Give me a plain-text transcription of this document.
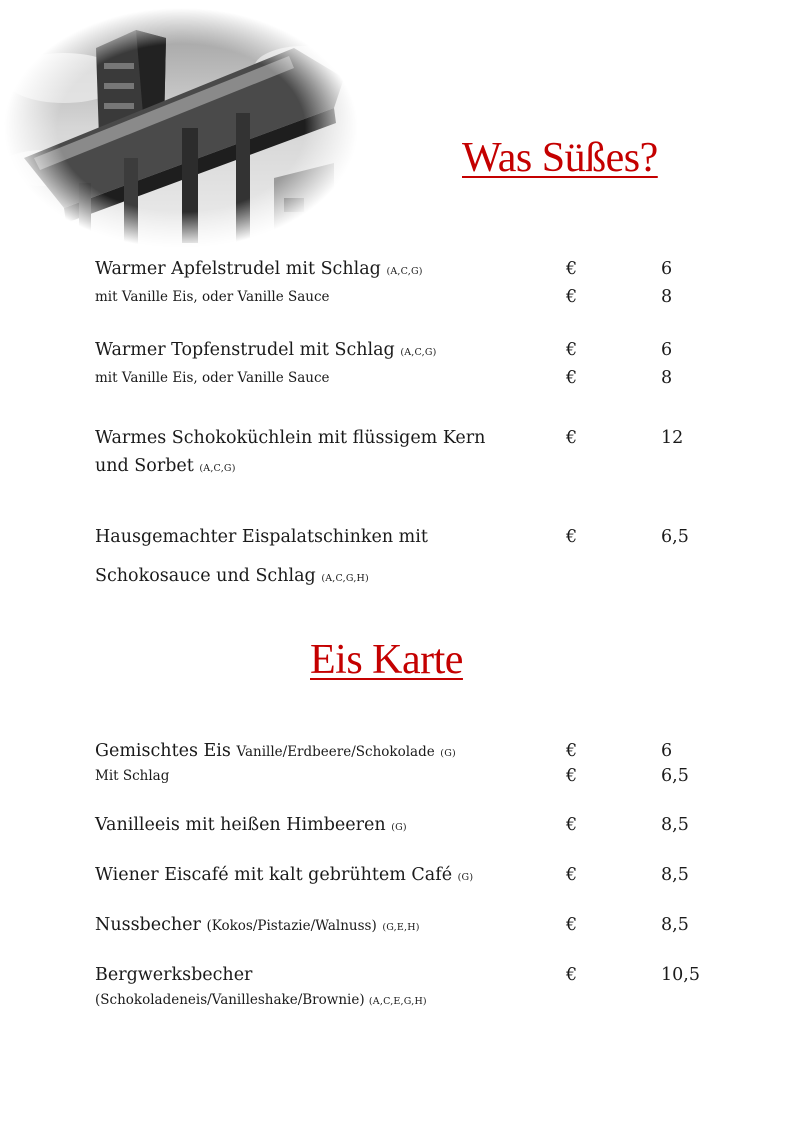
Was Süßes?
Warmer Apfelstrudel mit Schlag (A,C,G)	€	6
mit Vanille Eis, oder Vanille Sauce	€	8
Warmer Topfenstrudel mit Schlag (A,C,G)	€	6
mit Vanille Eis, oder Vanille Sauce	€	8
Warmes Schokoküchlein mit flüssigem Kern	€	12
und Sorbet (A,C,G)
Hausgemachter Eispalatschinken mit	€	6,5
Schokosauce und Schlag (A,C,G,H)
Eis Karte
Gemischtes Eis Vanille/Erdbeere/Schokolade (G)	€	6
Mit Schlag	€	6,5
Vanilleeis mit heißen Himbeeren (G)	€	8,5
Wiener Eiscafé mit kalt gebrühtem Café (G)	€	8,5
Nussbecher (Kokos/Pistazie/Walnuss) (G,E,H)	€	8,5
Bergwerksbecher	€	10,5
(Schokoladeneis/Vanilleshake/Brownie) (A,C,E,G,H)
